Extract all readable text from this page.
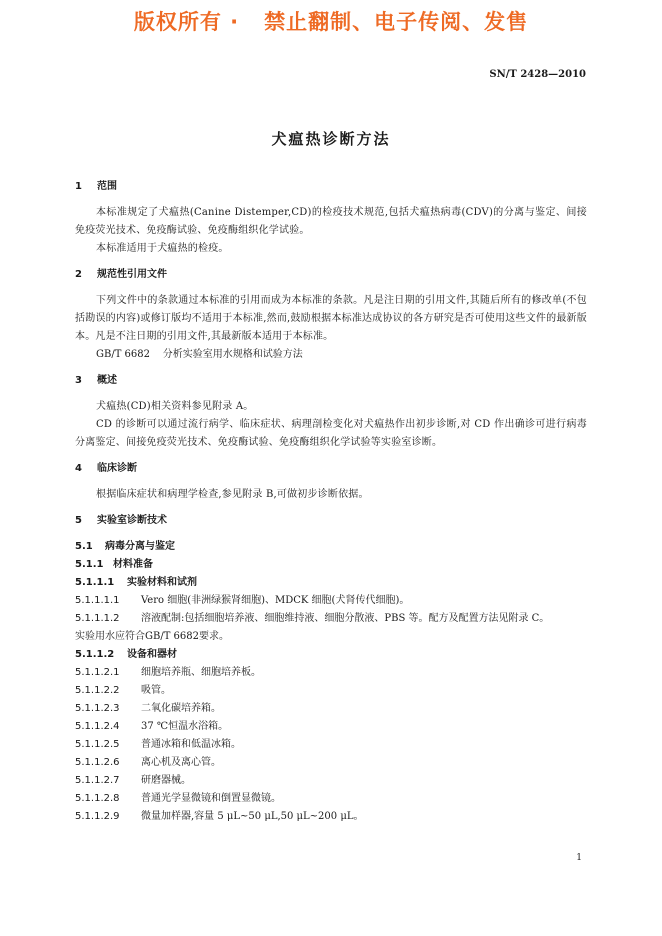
版权所有 ·   禁止翻制、电子传阅、发售
SN/T 2428—2010
犬瘟热诊断方法
1	范围

本标准规定了犬瘟热(Canine Distemper,CD)的检疫技术规范,包括犬瘟热病毒(CDV)的分离与鉴定、间接免疫荧光技术、免疫酶试验、免疫酶组织化学试验。

本标准适用于犬瘟热的检疫。

2	规范性引用文件

下列文件中的条款通过本标准的引用而成为本标准的条款。凡是注日期的引用文件,其随后所有的修改单(不包括勘误的内容)或修订版均不适用于本标准,然而,鼓励根据本标准达成协议的各方研究是否可使用这些文件的最新版本。凡是不注日期的引用文件,其最新版本适用于本标准。

GB/T 6682    分析实验室用水规格和试验方法

3	概述

犬瘟热(CD)相关资料参见附录 A。

CD 的诊断可以通过流行病学、临床症状、病理剖检变化对犬瘟热作出初步诊断,对 CD 作出确诊可进行病毒分离鉴定、间接免疫荧光技术、免疫酶试验、免疫酶组织化学试验等实验室诊断。

4	临床诊断

根据临床症状和病理学检查,参见附录 B,可做初步诊断依据。

5	实验室诊断技术
5.1	病毒分离与鉴定
5.1.1 材料准备
5.1.1.1	实验材料和试剂

5.1.1.1.1 Vero 细胞(非洲绿猴肾细胞)、MDCK 细胞(犬肾传代细胞)。

5.1.1.1.2 溶液配制:包括细胞培养液、细胞维持液、细胞分散液、PBS 等。配方及配置方法见附录 C。

实验用水应符合GB/T 6682要求。

5.1.1.2	设备和器材

5.1.1.2.1 细胞培养瓶、细胞培养板。

5.1.1.2.2 吸管。

5.1.1.2.3 二氧化碳培养箱。

5.1.1.2.4 37 ℃恒温水浴箱。

5.1.1.2.5 普通冰箱和低温冰箱。

5.1.1.2.6 离心机及离心管。

5.1.1.2.7 研磨器械。

5.1.1.2.8 普通光学显微镜和倒置显微镜。

5.1.1.2.9 微量加样器,容量 5 μL~50 μL,50 μL~200 μL。

1
